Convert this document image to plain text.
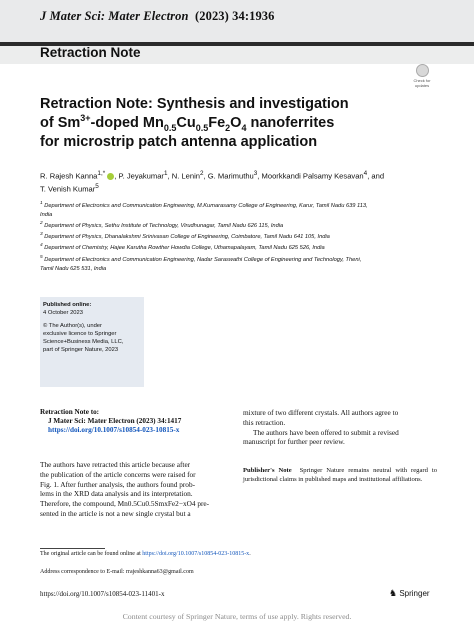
J Mater Sci: Mater Electron (2023) 34:1936
Retraction Note
Check for updates
Retraction Note: Synthesis and investigation
of $Sm^{3+}$-doped $Mn_{0.5}Cu_{0.5}Fe_2O_4$ nanoferrites
for microstrip patch antenna application
R. Rajesh Kanna$^{1,*}$ , P. Jeyakumar$^1$, N. Lenin$^2$, G. Marimuthu$^3$, Moorkkandi Palsamy Kesavan$^4$, and
T. Venish Kumar$^5$
$^1$ Department of Electronics and Communication Engineering, M.Kumarasamy College of Engineering, Karur, Tamil Nadu 639 113,
India
$^2$ Department of Physics, Sethu Institute of Technology, Virudhunagar, Tamil Nadu 626 115, India
$^3$ Department of Physics, Dhanalakshmi Srinivasan College of Engineering, Coimbatore, Tamil Nadu 641 105, India
$^4$ Department of Chemistry, Hajee Karutha Rowther Howdia College, Uthamapalayam, Tamil Nadu 625 526, India
$^5$ Department of Electronics and Communication Engineering, Nadar Saraswathi College of Engineering and Technology, Theni,
Tamil Nadu 625 531, India

Published online:
4 October 2023

© The Author(s), under
exclusive licence to Springer
Science+Business Media, LLC,
part of Springer Nature, 2023

Retraction Note to:
J Mater Sci: Mater Electron (2023) 34:1417
https://doi.org/10.1007/s10854-023-10815-x
The authors have retracted this article because after
the publication of the article concerns were raised for
Fig. 1. After further analysis, the authors found prob-
lems in the XRD data analysis and its interpretation.
Therefore, the compound, Mn0.5Cu0.5SmxFe2−xO4 pre-
sented in the article is not a new single crystal but a
mixture of two different crystals. All authors agree to
this retraction.
The authors have been offered to submit a revised
manuscript for further peer review.
Publisher's Note Springer Nature remains neutral with regard to jurisdictional claims in published maps and institutional affiliations.
The original article can be found online at https://doi.org/10.1007/s10854-023-10815-x.
Address correspondence to E-mail: rrajeshkanna63@gmail.com
https://doi.org/10.1007/s10854-023-11401-x	♞ Springer
Content courtesy of Springer Nature, terms of use apply. Rights reserved.
